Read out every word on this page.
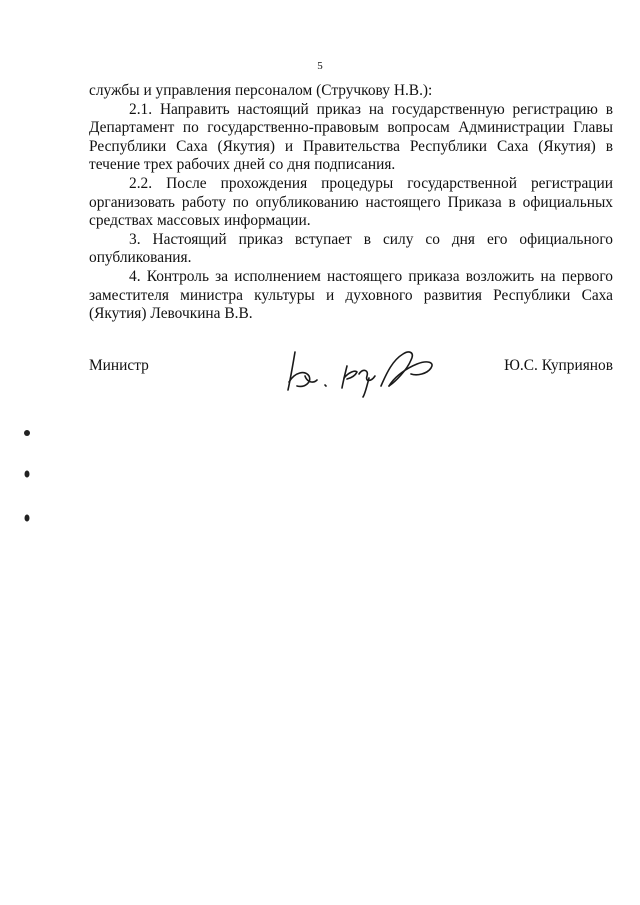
5

службы и управления персоналом (Стручкову Н.В.):

2.1. Направить настоящий приказ на государственную регистрацию в Департамент по государственно-правовым вопросам Администрации Главы Республики Саха (Якутия) и Правительства Республики Саха (Якутия) в течение трех рабочих дней со дня подписания.

2.2. После прохождения процедуры государственной регистрации организовать работу по опубликованию настоящего Приказа в официальных средствах массовых информации.

3. Настоящий приказ вступает в силу со дня его официального опубликования.

4. Контроль за исполнением настоящего приказа возложить на первого заместителя министра культуры и духовного развития Республики Саха (Якутия) Левочкина В.В.

Министр	Ю.С. Куприянов
